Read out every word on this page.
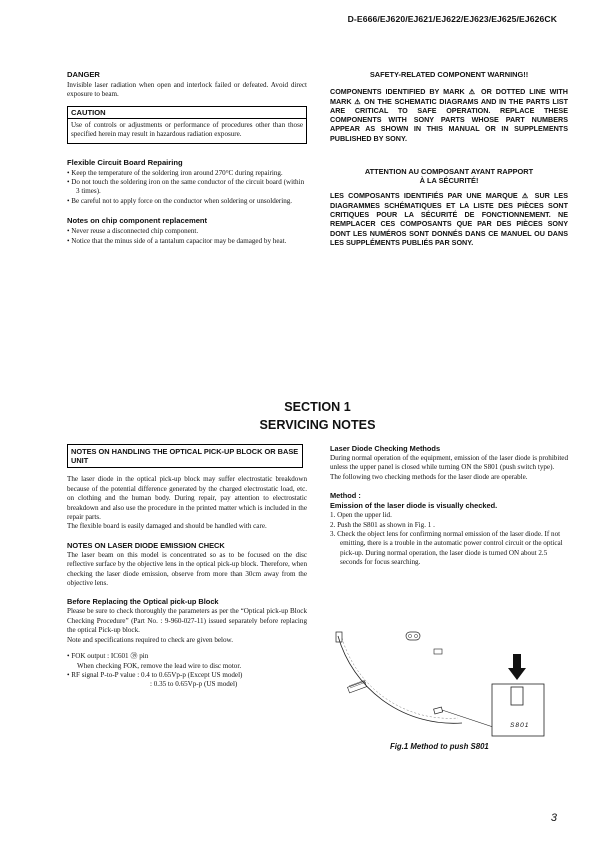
D-E666/EJ620/EJ621/EJ622/EJ623/EJ625/EJ626CK
DANGER

Invisible laser radiation when open and interlock failed or defeated. Avoid direct exposure to beam.

CAUTION
Use of controls or adjustments or performance of procedures other than those specified herein may result in hazardous radiation exposure.
Flexible Circuit Board Repairing
• Keep the temperature of the soldering iron around 270°C during repairing.
• Do not touch the soldering iron on the same conductor of the circuit board (within 3 times).
• Be careful not to apply force on the conductor when soldering or unsoldering.
Notes on chip component replacement
• Never reuse a disconnected chip component.
• Notice that the minus side of a tantalum capacitor may be damaged by heat.
SAFETY-RELATED COMPONENT WARNING!!
COMPONENTS IDENTIFIED BY MARK ⚠ OR DOTTED LINE WITH MARK ⚠ ON THE SCHEMATIC DIAGRAMS AND IN THE PARTS LIST ARE CRITICAL TO SAFE OPERATION. REPLACE THESE COMPONENTS WITH SONY PARTS WHOSE PART NUMBERS APPEAR AS SHOWN IN THIS MANUAL OR IN SUPPLEMENTS PUBLISHED BY SONY.
ATTENTION AU COMPOSANT AYANT RAPPORT
À LA SÉCURITÉ!
LES COMPOSANTS IDENTIFIÉS PAR UNE MARQUE ⚠ SUR LES DIAGRAMMES SCHÉMATIQUES ET LA LISTE DES PIÈCES SONT CRITIQUES POUR LA SÉCURITÉ DE FONCTIONNEMENT. NE REMPLACER CES COMPOSANTS QUE PAR DES PIÈCES SONY DONT LES NUMÉROS SONT DONNÉS DANS CE MANUEL OU DANS LES SUPPLÉMENTS PUBLIÉS PAR SONY.
SECTION 1
SERVICING NOTES
NOTES ON HANDLING THE OPTICAL PICK-UP BLOCK OR BASE UNIT

The laser diode in the optical pick-up block may suffer electrostatic breakdown because of the potential difference generated by the charged electrostatic load, etc. on clothing and the human body. During repair, pay attention to electrostatic breakdown and also use the procedure in the printed matter which is included in the repair parts.

The flexible board is easily damaged and should be handled with care.

NOTES ON LASER DIODE EMISSION CHECK

The laser beam on this model is concentrated so as to be focused on the disc reflective surface by the objective lens in the optical pick-up block. Therefore, when checking the laser diode emission, observe from more than 30cm away from the objective lens.

Before Replacing the Optical pick-up Block

Please be sure to check thoroughly the parameters as per the “Optical pick-up Block Checking Procedure” (Part No. : 9-960-027-11) issued separately before replacing the optical Pick-up block.

Note and specifications required to check are given below.

• FOK output : IC601 ㊴ pin

When checking FOK, remove the lead wire to disc motor.

• RF signal P-to-P value : 0.4 to 0.65Vp-p (Except US model)

: 0.35 to 0.65Vp-p (US model)

Laser Diode Checking Methods

During normal operation of the equipment, emission of the laser diode is prohibited unless the upper panel is closed while turning ON the S801 (push switch type).

The following two checking methods for the laser diode are operable.

Method :
Emission of the laser diode is visually checked.
1. Open the upper lid.
2. Push the S801 as shown in Fig. 1 .
3. Check the object lens for confirming normal emission of the laser diode. If not emitting, there is a trouble in the automatic power control circuit or the optical pick-up. During normal operation, the laser diode is turned ON about 2.5 seconds for focus searching.
S801
Fig.1 Method to push S801
3
